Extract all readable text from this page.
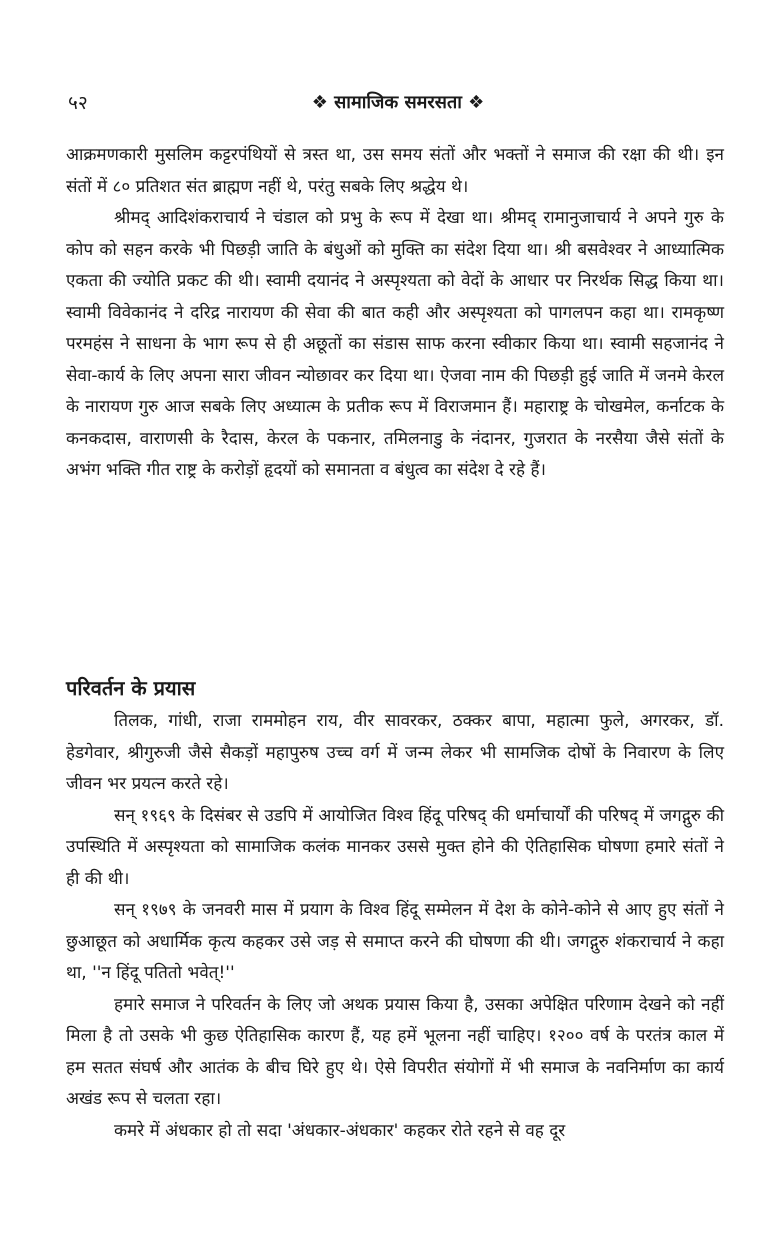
५२	❖ सामाजिक समरसता ❖

आक्रमणकारी मुसलिम कट्टरपंथियों से त्रस्त था, उस समय संतों और भक्तों ने समाज की रक्षा की थी। इन संतों में ८० प्रतिशत संत ब्राह्मण नहीं थे, परंतु सबके लिए श्रद्धेय थे।

श्रीमद् आदिशंकराचार्य ने चंडाल को प्रभु के रूप में देखा था। श्रीमद् रामानुजाचार्य ने अपने गुरु के कोप को सहन करके भी पिछड़ी जाति के बंधुओं को मुक्ति का संदेश दिया था। श्री बसवेश्वर ने आध्यात्मिक एकता की ज्योति प्रकट की थी। स्वामी दयानंद ने अस्पृश्यता को वेदों के आधार पर निरर्थक सिद्ध किया था। स्वामी विवेकानंद ने दरिद्र नारायण की सेवा की बात कही और अस्पृश्यता को पागलपन कहा था। रामकृष्ण परमहंस ने साधना के भाग रूप से ही अछूतों का संडास साफ करना स्वीकार किया था। स्वामी सहजानंद ने सेवा-कार्य के लिए अपना सारा जीवन न्योछावर कर दिया था। ऐजवा नाम की पिछड़ी हुई जाति में जनमे केरल के नारायण गुरु आज सबके लिए अध्यात्म के प्रतीक रूप में विराजमान हैं। महाराष्ट्र के चोखमेल, कर्नाटक के कनकदास, वाराणसी के रैदास, केरल के पकनार, तमिलनाडु के नंदानर, गुजरात के नरसैया जैसे संतों के अभंग भक्ति गीत राष्ट्र के करोड़ों हृदयों को समानता व बंधुत्व का संदेश दे रहे हैं।

परिवर्तन के प्रयास

तिलक, गांधी, राजा राममोहन राय, वीर सावरकर, ठक्कर बापा, महात्मा फुले, अगरकर, डॉ. हेडगेवार, श्रीगुरुजी जैसे सैकड़ों महापुरुष उच्च वर्ग में जन्म लेकर भी सामजिक दोषों के निवारण के लिए जीवन भर प्रयत्न करते रहे।

सन् १९६९ के दिसंबर से उडपि में आयोजित विश्व हिंदू परिषद् की धर्माचार्यों की परिषद् में जगद्गुरु की उपस्थिति में अस्पृश्यता को सामाजिक कलंक मानकर उससे मुक्त होने की ऐतिहासिक घोषणा हमारे संतों ने ही की थी।

सन् १९७९ के जनवरी मास में प्रयाग के विश्व हिंदू सम्मेलन में देश के कोने-कोने से आए हुए संतों ने छुआछूत को अधार्मिक कृत्य कहकर उसे जड़ से समाप्त करने की घोषणा की थी। जगद्गुरु शंकराचार्य ने कहा था, ''न हिंदू पतितो भवेत्!''

हमारे समाज ने परिवर्तन के लिए जो अथक प्रयास किया है, उसका अपेक्षित परिणाम देखने को नहीं मिला है तो उसके भी कुछ ऐतिहासिक कारण हैं, यह हमें भूलना नहीं चाहिए। १२०० वर्ष के परतंत्र काल में हम सतत संघर्ष और आतंक के बीच घिरे हुए थे। ऐसे विपरीत संयोगों में भी समाज के नवनिर्माण का कार्य अखंड रूप से चलता रहा।

कमरे में अंधकार हो तो सदा 'अंधकार-अंधकार' कहकर रोते रहने से वह दूर
